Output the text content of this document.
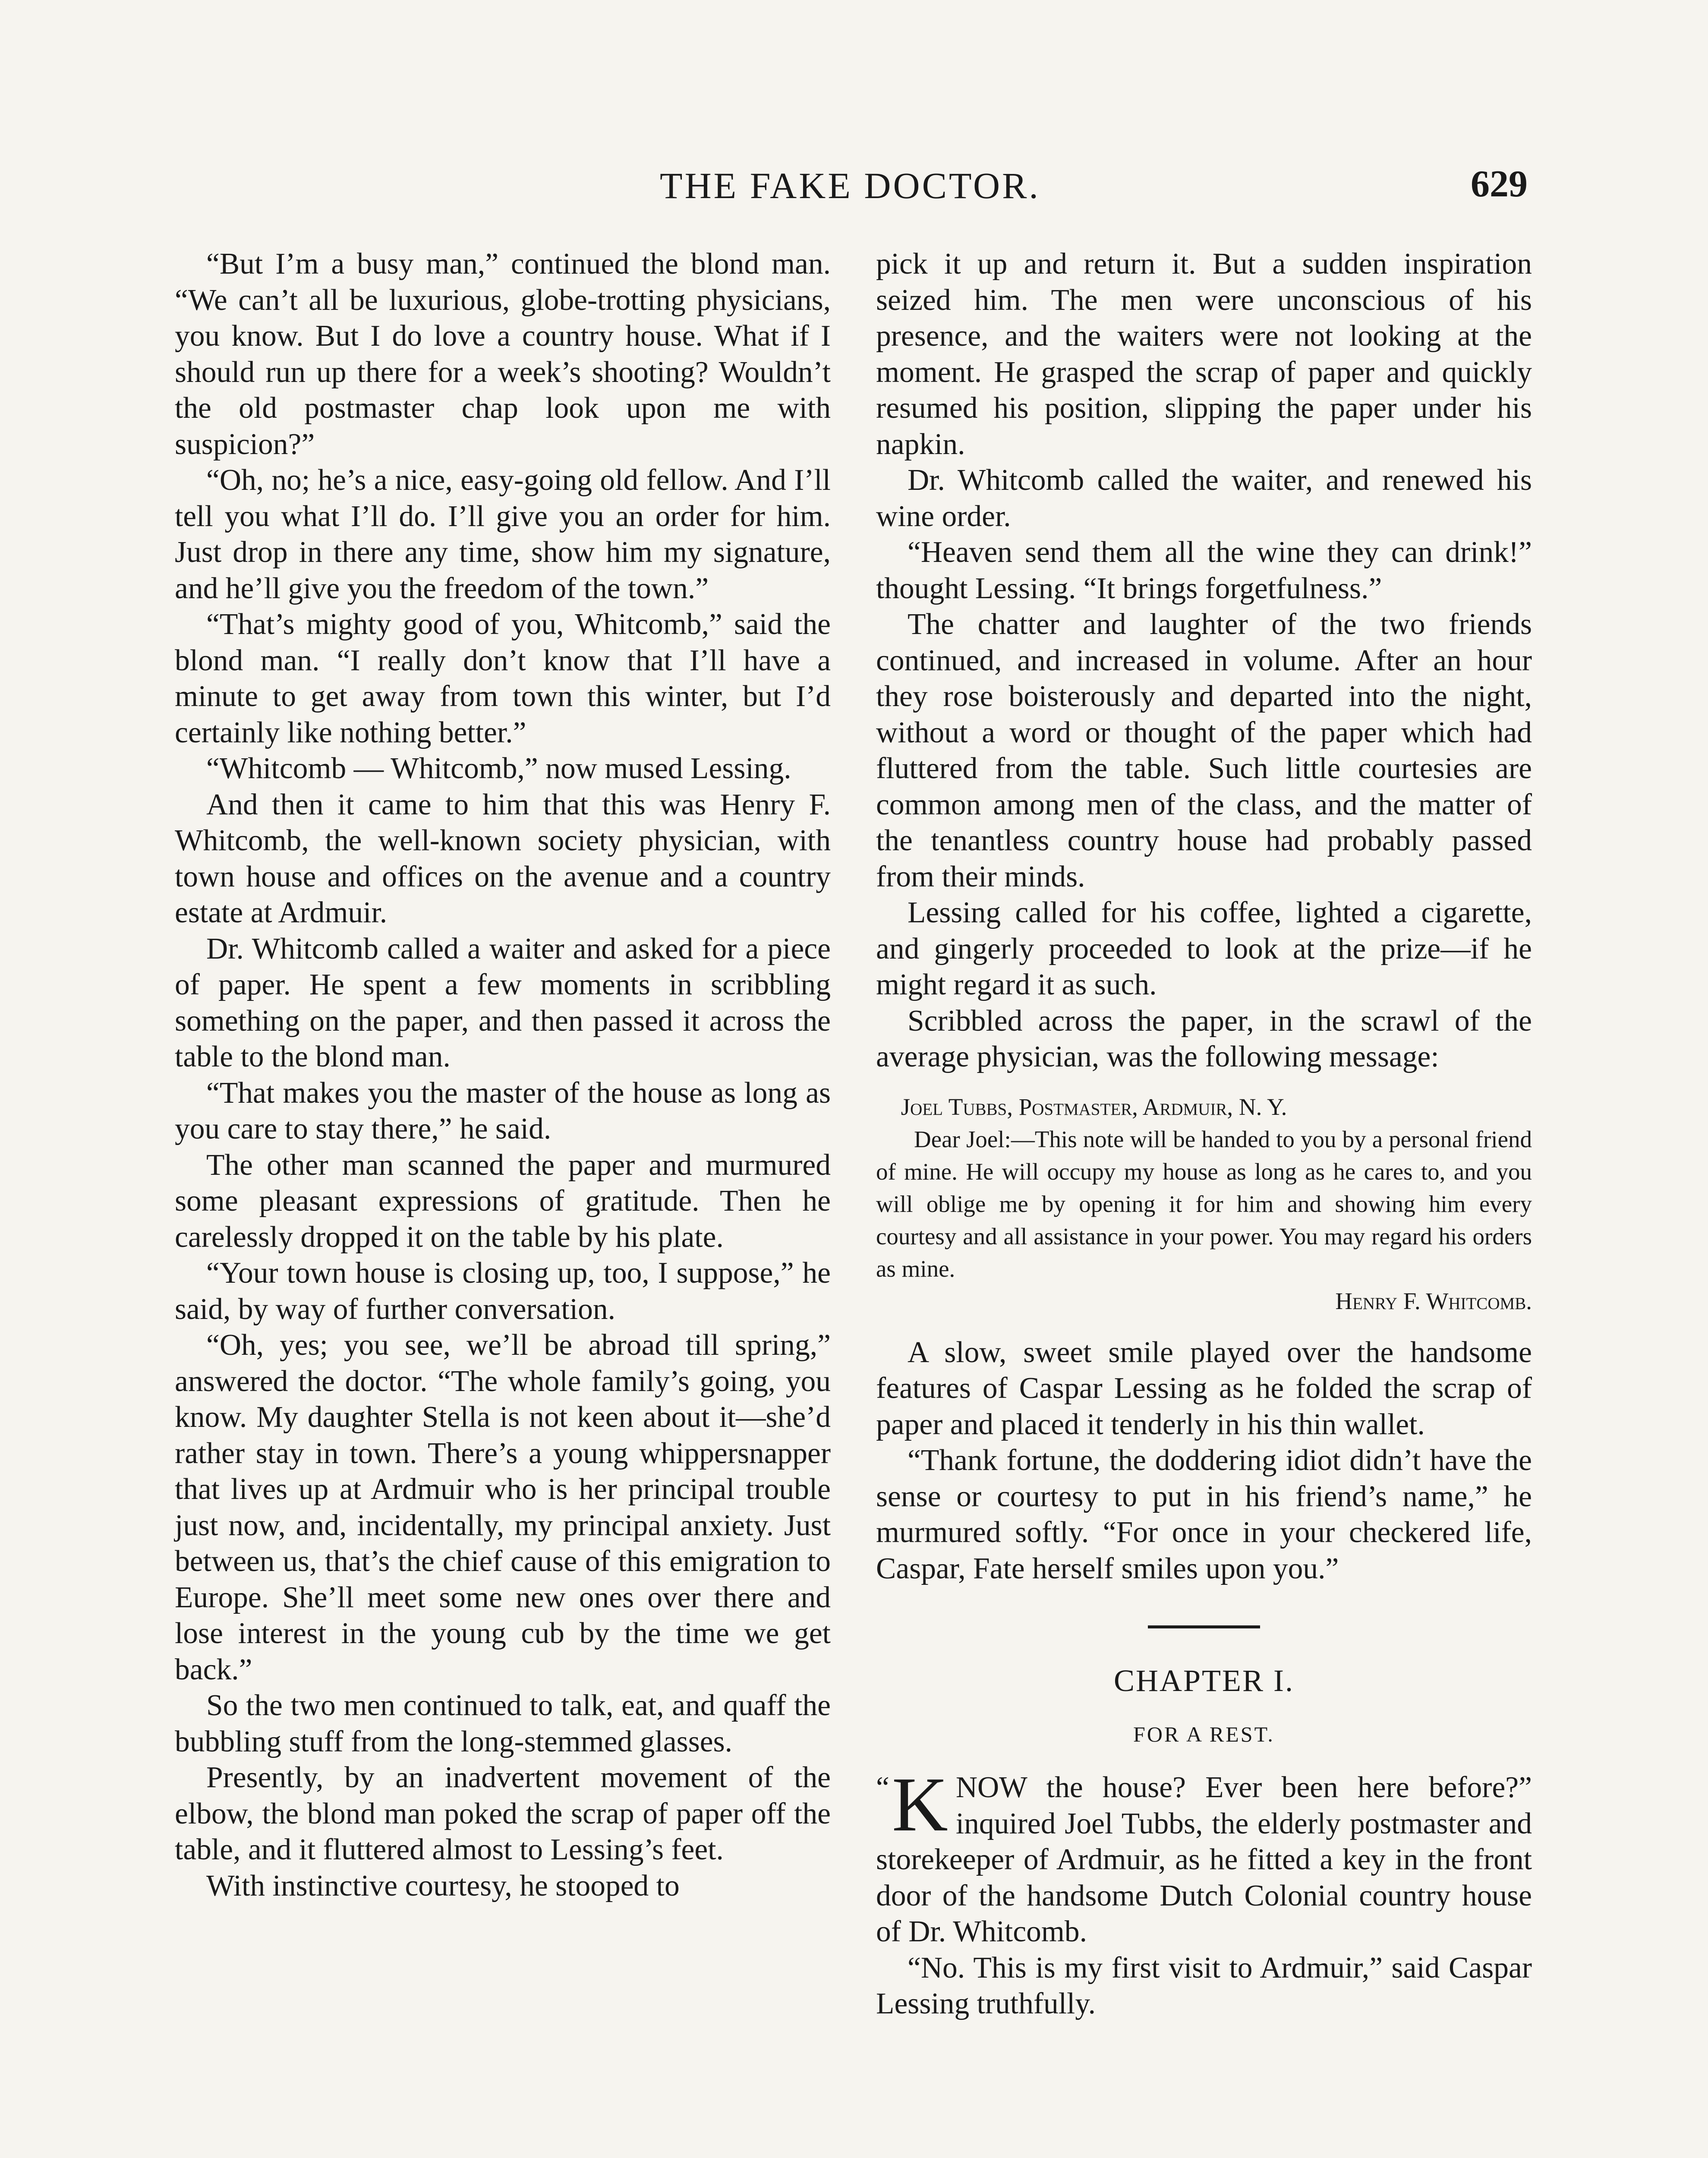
THE FAKE DOCTOR.	629

“But I’m a busy man,” continued the blond man. “We can’t all be luxurious, globe-trotting physicians, you know. But I do love a country house. What if I should run up there for a week’s shooting? Wouldn’t the old postmaster chap look upon me with suspicion?”

“Oh, no; he’s a nice, easy-going old fellow. And I’ll tell you what I’ll do. I’ll give you an order for him. Just drop in there any time, show him my signature, and he’ll give you the freedom of the town.”

“That’s mighty good of you, Whitcomb,” said the blond man. “I really don’t know that I’ll have a minute to get away from town this winter, but I’d certainly like nothing better.”

“Whitcomb — Whitcomb,” now mused Lessing.

And then it came to him that this was Henry F. Whitcomb, the well-known society physician, with town house and offices on the avenue and a country estate at Ardmuir.

Dr. Whitcomb called a waiter and asked for a piece of paper. He spent a few moments in scribbling something on the paper, and then passed it across the table to the blond man.

“That makes you the master of the house as long as you care to stay there,” he said.

The other man scanned the paper and murmured some pleasant expressions of gratitude. Then he carelessly dropped it on the table by his plate.

“Your town house is closing up, too, I suppose,” he said, by way of further conversation.

“Oh, yes; you see, we’ll be abroad till spring,” answered the doctor. “The whole family’s going, you know. My daughter Stella is not keen about it—she’d rather stay in town. There’s a young whippersnapper that lives up at Ardmuir who is her principal trouble just now, and, incidentally, my principal anxiety. Just between us, that’s the chief cause of this emigration to Europe. She’ll meet some new ones over there and lose interest in the young cub by the time we get back.”

So the two men continued to talk, eat, and quaff the bubbling stuff from the long-stemmed glasses.

Presently, by an inadvertent movement of the elbow, the blond man poked the scrap of paper off the table, and it fluttered almost to Lessing’s feet.

With instinctive courtesy, he stooped to

pick it up and return it. But a sudden inspiration seized him. The men were unconscious of his presence, and the waiters were not looking at the moment. He grasped the scrap of paper and quickly resumed his position, slipping the paper under his napkin.

Dr. Whitcomb called the waiter, and renewed his wine order.

“Heaven send them all the wine they can drink!” thought Lessing. “It brings forgetfulness.”

The chatter and laughter of the two friends continued, and increased in volume. After an hour they rose boisterously and departed into the night, without a word or thought of the paper which had fluttered from the table. Such little courtesies are common among men of the class, and the matter of the tenantless country house had probably passed from their minds.

Lessing called for his coffee, lighted a cigarette, and gingerly proceeded to look at the prize—if he might regard it as such.

Scribbled across the paper, in the scrawl of the average physician, was the following message:

Joel Tubbs, Postmaster, Ardmuir, N. Y.

Dear Joel:—This note will be handed to you by a personal friend of mine. He will occupy my house as long as he cares to, and you will oblige me by opening it for him and showing him every courtesy and all assistance in your power. You may regard his orders as mine.

Henry F. Whitcomb.

A slow, sweet smile played over the handsome features of Caspar Lessing as he folded the scrap of paper and placed it tenderly in his thin wallet.

“Thank fortune, the doddering idiot didn’t have the sense or courtesy to put in his friend’s name,” he murmured softly. “For once in your checkered life, Caspar, Fate herself smiles upon you.”

CHAPTER I.
FOR A REST.

“ K NOW the house? Ever been here before?” inquired Joel Tubbs, the elderly postmaster and storekeeper of Ardmuir, as he fitted a key in the front door of the handsome Dutch Colonial country house of Dr. Whitcomb.

“No. This is my first visit to Ardmuir,” said Caspar Lessing truthfully.
